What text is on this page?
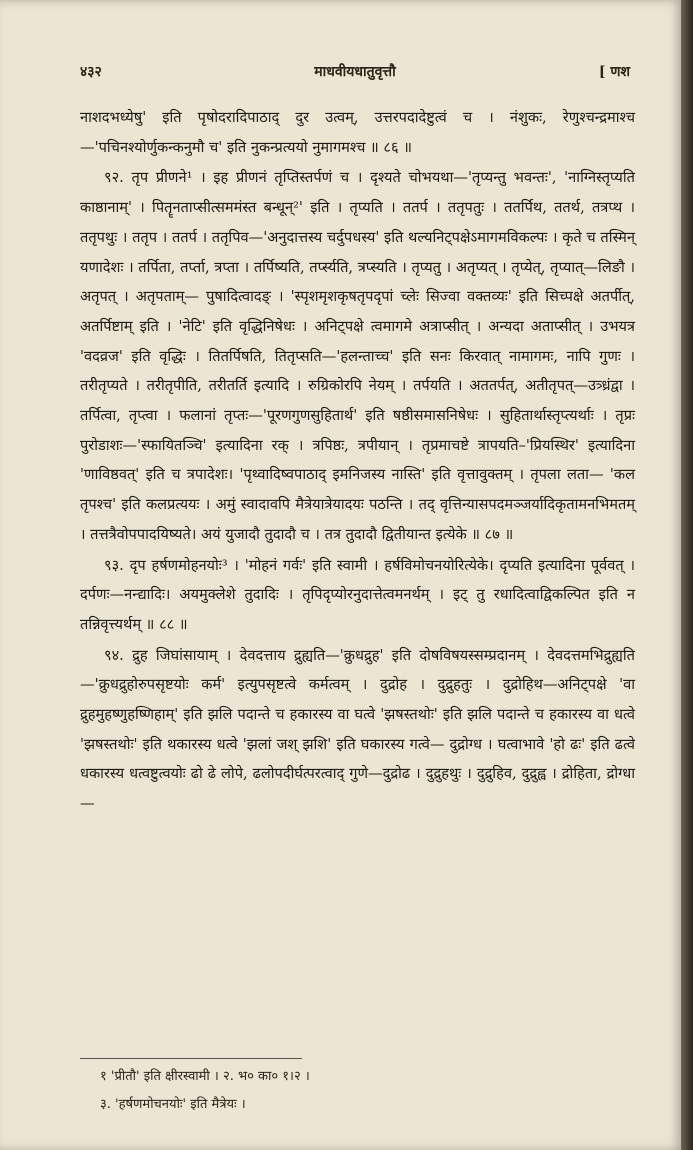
४३२	माधवीयधातुवृत्तौ	[ णश

नाशदभध्येषु' इति पृषोदरादिपाठाद् दुर उत्वम्, उत्तरपदादेष्टुत्वं च । नंशुकः, रेणुश्चन्द्रमाश्च—'पचिनश्योर्णुकन्कनुमौ च' इति नुकन्प्रत्ययो नुमागमश्च ॥ ८६ ॥

९२. तृप प्रीणने¹ । इह प्रीणनं तृप्तिस्तर्पणं च । दृश्यते चोभयथा—'तृप्यन्तु भवन्तः', 'नाग्निस्तृप्यति काष्ठानाम्' । पितॄनताप्सीत्सममंस्त बन्धून्²' इति । तृप्यति । ततर्प । ततृपतुः । ततर्पिथ, ततर्थ, तत्रप्थ । ततृपथुः । ततृप । ततर्प । ततृपिव—'अनुदात्तस्य चर्दुपधस्य' इति थल्यनिट्पक्षेऽमागमविकल्पः । कृते च तस्मिन् यणादेशः । तर्पिता, तर्प्ता, त्रप्ता । तर्पिष्यति, तर्प्स्यति, त्रप्स्यति । तृप्यतु । अतृप्यत् । तृप्येत्, तृप्यात्—लिङौ । अतृपत् । अतृपताम्— पुषादित्वादङ् । 'स्पृशमृशकृषतृपदृपां च्लेः सिज्वा वक्तव्यः' इति सिच्पक्षे अतर्पीत्, अतर्पिष्टाम् इति । 'नेटि' इति वृद्धिनिषेधः । अनिट्पक्षे त्वमागमे अत्राप्सीत् । अन्यदा अताप्सीत् । उभयत्र 'वदव्रज' इति वृद्धिः । तितर्पिषति, तितृप्सति—'हलन्ताच्च' इति सनः किरवात् नामागमः, नापि गुणः । तरीतृप्यते । तरीतृपीति, तरीतर्ति इत्यादि । रुग्रिकोरपि नेयम् । तर्पयति । अततर्पत्, अतीतृपत्—उत्र्ध्रंद्वा । तर्पित्वा, तृप्त्वा । फलानां तृप्तः—'पूरणगुणसुहितार्थ' इति षष्ठीसमासनिषेधः । सुहितार्थास्तृप्त्यर्थाः । तृप्रः पुरोडाशः—'स्फायितञ्चि' इत्यादिना रक् । त्रपिष्ठः, त्रपीयान् । तृप्रमाचष्टे त्रापयति–'प्रियस्थिर' इत्यादिना 'णाविष्ठवत्' इति च त्रपादेशः। 'पृथ्वादिष्वपाठाद् इमनिजस्य नास्ति' इति वृत्तावुक्तम् । तृपला लता— 'कल तृपश्च' इति कलप्रत्ययः । अमुं स्वादावपि मैत्रेयात्रेयादयः पठन्ति । तद् वृत्तिन्यासपदमञ्जर्यादिकृतामनभिमतम् । तत्तत्रैवोपपादयिष्यते। अयं युजादौ तुदादौ च । तत्र तुदादौ द्वितीयान्त इत्येके ॥ ८७ ॥

९३. दृप हर्षणमोहनयोः³ । 'मोहनं गर्वः' इति स्वामी । हर्षविमोचनयोरित्येके। दृप्यति इत्यादिना पूर्ववत् । दर्पणः—नन्द्यादिः। अयमुक्लेशे तुदादिः । तृपिदृप्योरनुदात्तेत्वमनर्थम् । इट् तु रधादित्वाद्विकल्पित इति न तन्निवृत्त्यर्थम् ॥ ८८ ॥

९४. द्रुह जिघांसायाम् । देवदत्ताय द्रुह्यति—'क्रुधद्रुह' इति दोषविषयस्सम्प्रदानम् । देवदत्तमभिद्रुह्यति—'क्रुधद्रुहोरुपसृष्टयोः कर्म' इत्युपसृष्टत्वे कर्मत्वम् । दुद्रोह । दुद्रुहतुः । दुद्रोहिथ—अनिट्पक्षे 'वा द्रुहमुहष्णुहष्णिहाम्' इति झलि पदान्ते च हकारस्य वा घत्वे 'झषस्तथोः' इति झलि पदान्ते च हकारस्य वा धत्वे 'झषस्तथोः' इति थकारस्य धत्वे 'झलां जश् झशि' इति घकारस्य गत्वे— दुद्रोग्ध । घत्वाभावे 'हो ढः' इति ढत्वे धकारस्य धत्वष्टुत्वयोः ढो ढे लोपे, ढलोपदीर्घत्परत्वाद् गुणे—दुद्रोढ । दुद्रुहथुः । दुद्रुहिव, दुद्रुह्व । द्रोहिता, द्रोग्धा—

१ 'प्रीतौ' इति क्षीरस्वामी । २. भ० का० १।२ ।
३. 'हर्षणमोचनयोः' इति मैत्रेयः ।
